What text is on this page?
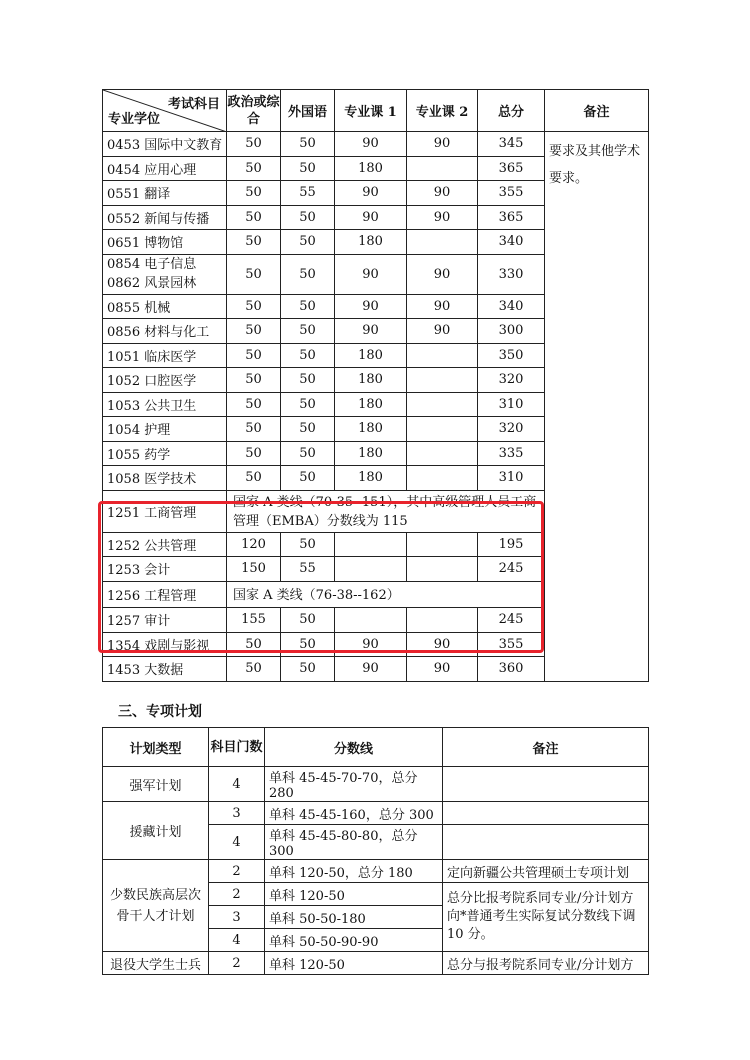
考试科目
专业学位	政治或综合	外国语	专业课 1	专业课 2	总分	备注
0453 国际中文教育	50	50	90	90	345	要求及其他学术要求。
0454 应用心理	50	50	180		365	
0551 翻译	50	55	90	90	355	
0552 新闻与传播	50	50	90	90	365	
0651 博物馆	50	50	180		340	

0854 电子信息
0862 风景园林	50	50	90	90	330	
0855 机械	50	50	90	90	340	
0856 材料与化工	50	50	90	90	300	
1051 临床医学	50	50	180		350	
1052 口腔医学	50	50	180		320	
1053 公共卫生	50	50	180		310	
1054 护理	50	50	180		320	
1055 药学	50	50	180		335	
1058 医学技术	50	50	180		310	
1251 工商管理	国家 A 类线（70-35--151），其中高级管理人员工商管理（EMBA）分数线为 115					
1252 公共管理	120	50			195	
1253 会计	150	55			245	
1256 工程管理	国家 A 类线（76-38--162）					
1257 审计	155	50			245	
1354 戏剧与影视	50	50	90	90	355	
1453 大数据	50	50	90	90	360	
三、专项计划
计划类型	科目门数	分数线	备注
强军计划	4	单科 45-45-70-70，总分 280	
援藏计划	3	单科 45-45-160，总分 300	
	4	单科 45-45-80-80，总分 300	
少数民族高层次骨干人才计划	2	单科 120-50，总分 180	定向新疆公共管理硕士专项计划
	2	单科 120-50	总分比报考院系同专业/分计划方向*普通考生实际复试分数线下调 10 分。
	3	单科 50-50-180	
	4	单科 50-50-90-90	
退役大学生士兵	2	单科 120-50	总分与报考院系同专业/分计划方
